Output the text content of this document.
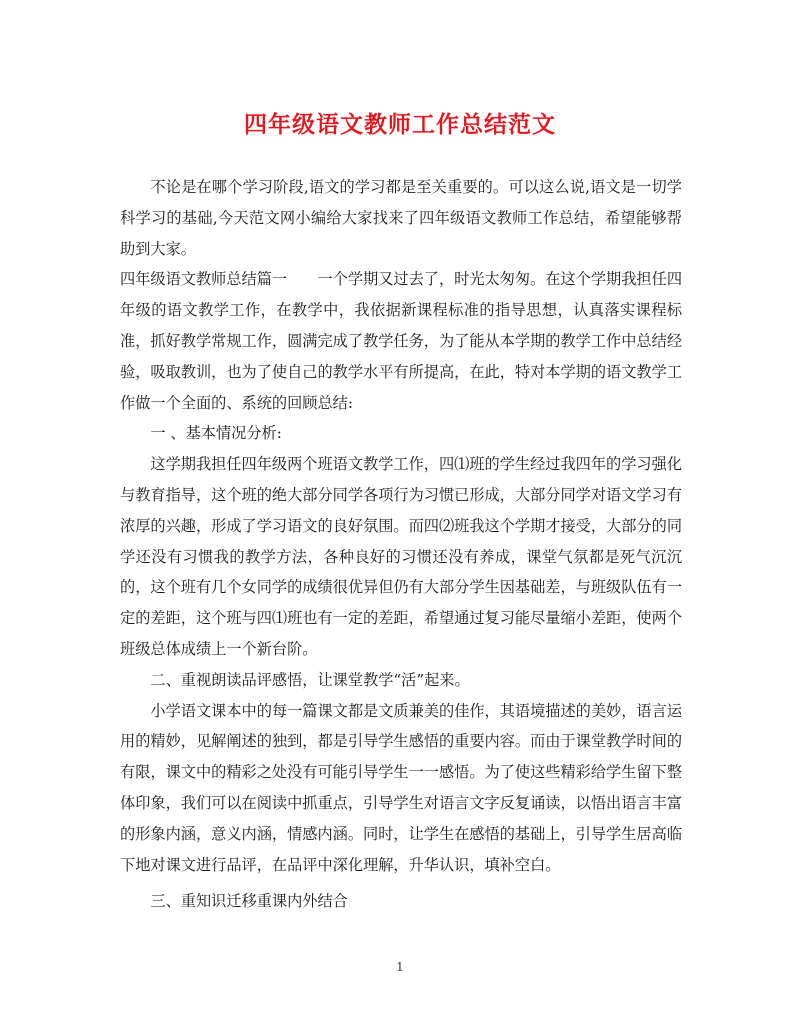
四年级语文教师工作总结范文

不论是在哪个学习阶段,语文的学习都是至关重要的。可以这么说,语文是一切学科学习的基础,今天范文网小编给大家找来了四年级语文教师工作总结，希望能够帮助到大家。

四年级语文教师总结篇一　　一个学期又过去了，时光太匆匆。在这个学期我担任四年级的语文教学工作，在教学中，我依据新课程标准的指导思想，认真落实课程标准，抓好教学常规工作，圆满完成了教学任务，为了能从本学期的教学工作中总结经验，吸取教训，也为了使自己的教学水平有所提高，在此，特对本学期的语文教学工作做一个全面的、系统的回顾总结:

一 、基本情况分析:

这学期我担任四年级两个班语文教学工作，四⑴班的学生经过我四年的学习强化与教育指导，这个班的绝大部分同学各项行为习惯已形成，大部分同学对语文学习有浓厚的兴趣，形成了学习语文的良好氛围。而四⑵班我这个学期才接受，大部分的同学还没有习惯我的教学方法，各种良好的习惯还没有养成，课堂气氛都是死气沉沉的，这个班有几个女同学的成绩很优异但仍有大部分学生因基础差，与班级队伍有一定的差距，这个班与四⑴班也有一定的差距，希望通过复习能尽量缩小差距，使两个班级总体成绩上一个新台阶。

二、重视朗读品评感悟，让课堂教学“活”起来。

小学语文课本中的每一篇课文都是文质兼美的佳作，其语境描述的美妙，语言运用的精妙，见解阐述的独到，都是引导学生感悟的重要内容。而由于课堂教学时间的有限，课文中的精彩之处没有可能引导学生一一感悟。为了使这些精彩给学生留下整体印象，我们可以在阅读中抓重点，引导学生对语言文字反复诵读，以悟出语言丰富的形象内涵，意义内涵，情感内涵。同时，让学生在感悟的基础上，引导学生居高临下地对课文进行品评，在品评中深化理解，升华认识，填补空白。

三、重知识迁移重课内外结合

1
